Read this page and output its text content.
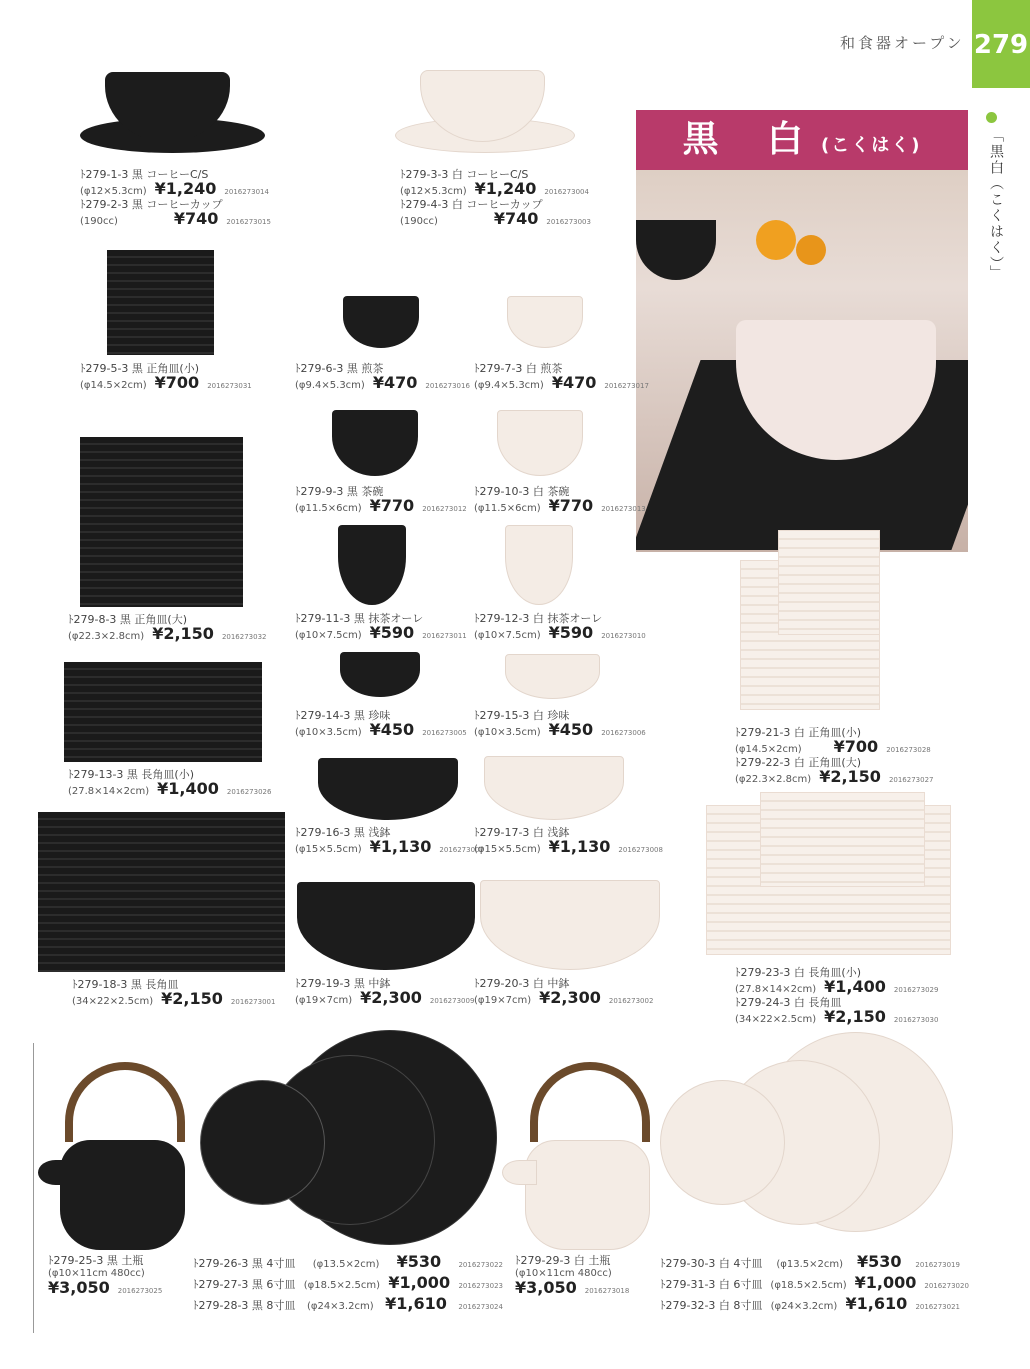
和食器オープン 279
「黒白（こくはく）」
黒 白(こくはく)
ﾄ279-1-3 黒 コーヒーC/S
(φ12×5.3cm) ¥1,240 2016273014
ﾄ279-2-3 黒 コーヒーカップ
(190cc)	¥740 2016273015
ﾄ279-3-3 白 コーヒーC/S
(φ12×5.3cm) ¥1,240 2016273004
ﾄ279-4-3 白 コーヒーカップ
(190cc)	¥740 2016273003
ﾄ279-5-3 黒 正角皿(小)
(φ14.5×2cm) ¥700 2016273031
ﾄ279-6-3 黒 煎茶
(φ9.4×5.3cm) ¥470 2016273016
ﾄ279-7-3 白 煎茶
(φ9.4×5.3cm) ¥470 2016273017
ﾄ279-9-3 黒 茶碗
(φ11.5×6cm) ¥770 2016273012
ﾄ279-10-3 白 茶碗
(φ11.5×6cm) ¥770 2016273013
ﾄ279-8-3 黒 正角皿(大)
(φ22.3×2.8cm) ¥2,150 2016273032
ﾄ279-11-3 黒 抹茶オーレ
(φ10×7.5cm) ¥590 2016273011
ﾄ279-12-3 白 抹茶オーレ
(φ10×7.5cm) ¥590 2016273010
ﾄ279-21-3 白 正角皿(小)
(φ14.5×2cm) ¥700 2016273028
ﾄ279-22-3 白 正角皿(大)
(φ22.3×2.8cm) ¥2,150 2016273027
ﾄ279-13-3 黒 長角皿(小)
(27.8×14×2cm) ¥1,400 2016273026
ﾄ279-14-3 黒 珍味
(φ10×3.5cm) ¥450 2016273005
ﾄ279-15-3 白 珍味
(φ10×3.5cm) ¥450 2016273006
ﾄ279-16-3 黒 浅鉢
(φ15×5.5cm) ¥1,130 2016273007
ﾄ279-17-3 白 浅鉢
(φ15×5.5cm) ¥1,130 2016273008
ﾄ279-23-3 白 長角皿(小)
(27.8×14×2cm) ¥1,400 2016273029
ﾄ279-24-3 白 長角皿
(34×22×2.5cm) ¥2,150 2016273030
ﾄ279-18-3 黒 長角皿
(34×22×2.5cm) ¥2,150 2016273001
ﾄ279-19-3 黒 中鉢
(φ19×7cm) ¥2,300 2016273009
ﾄ279-20-3 白 中鉢
(φ19×7cm) ¥2,300 2016273002
ﾄ279-25-3 黒 土瓶
(φ10×11cm 480cc)
¥3,050 2016273025
ﾄ279-26-3 黒 4寸皿 (φ13.5×2cm) ¥530 2016273022
ﾄ279-27-3 黒 6寸皿 (φ18.5×2.5cm) ¥1,000 2016273023
ﾄ279-28-3 黒 8寸皿 (φ24×3.2cm) ¥1,610 2016273024
ﾄ279-29-3 白 土瓶
(φ10×11cm 480cc)
¥3,050 2016273018
ﾄ279-30-3 白 4寸皿 (φ13.5×2cm) ¥530 2016273019
ﾄ279-31-3 白 6寸皿 (φ18.5×2.5cm) ¥1,000 2016273020
ﾄ279-32-3 白 8寸皿 (φ24×3.2cm) ¥1,610 2016273021
